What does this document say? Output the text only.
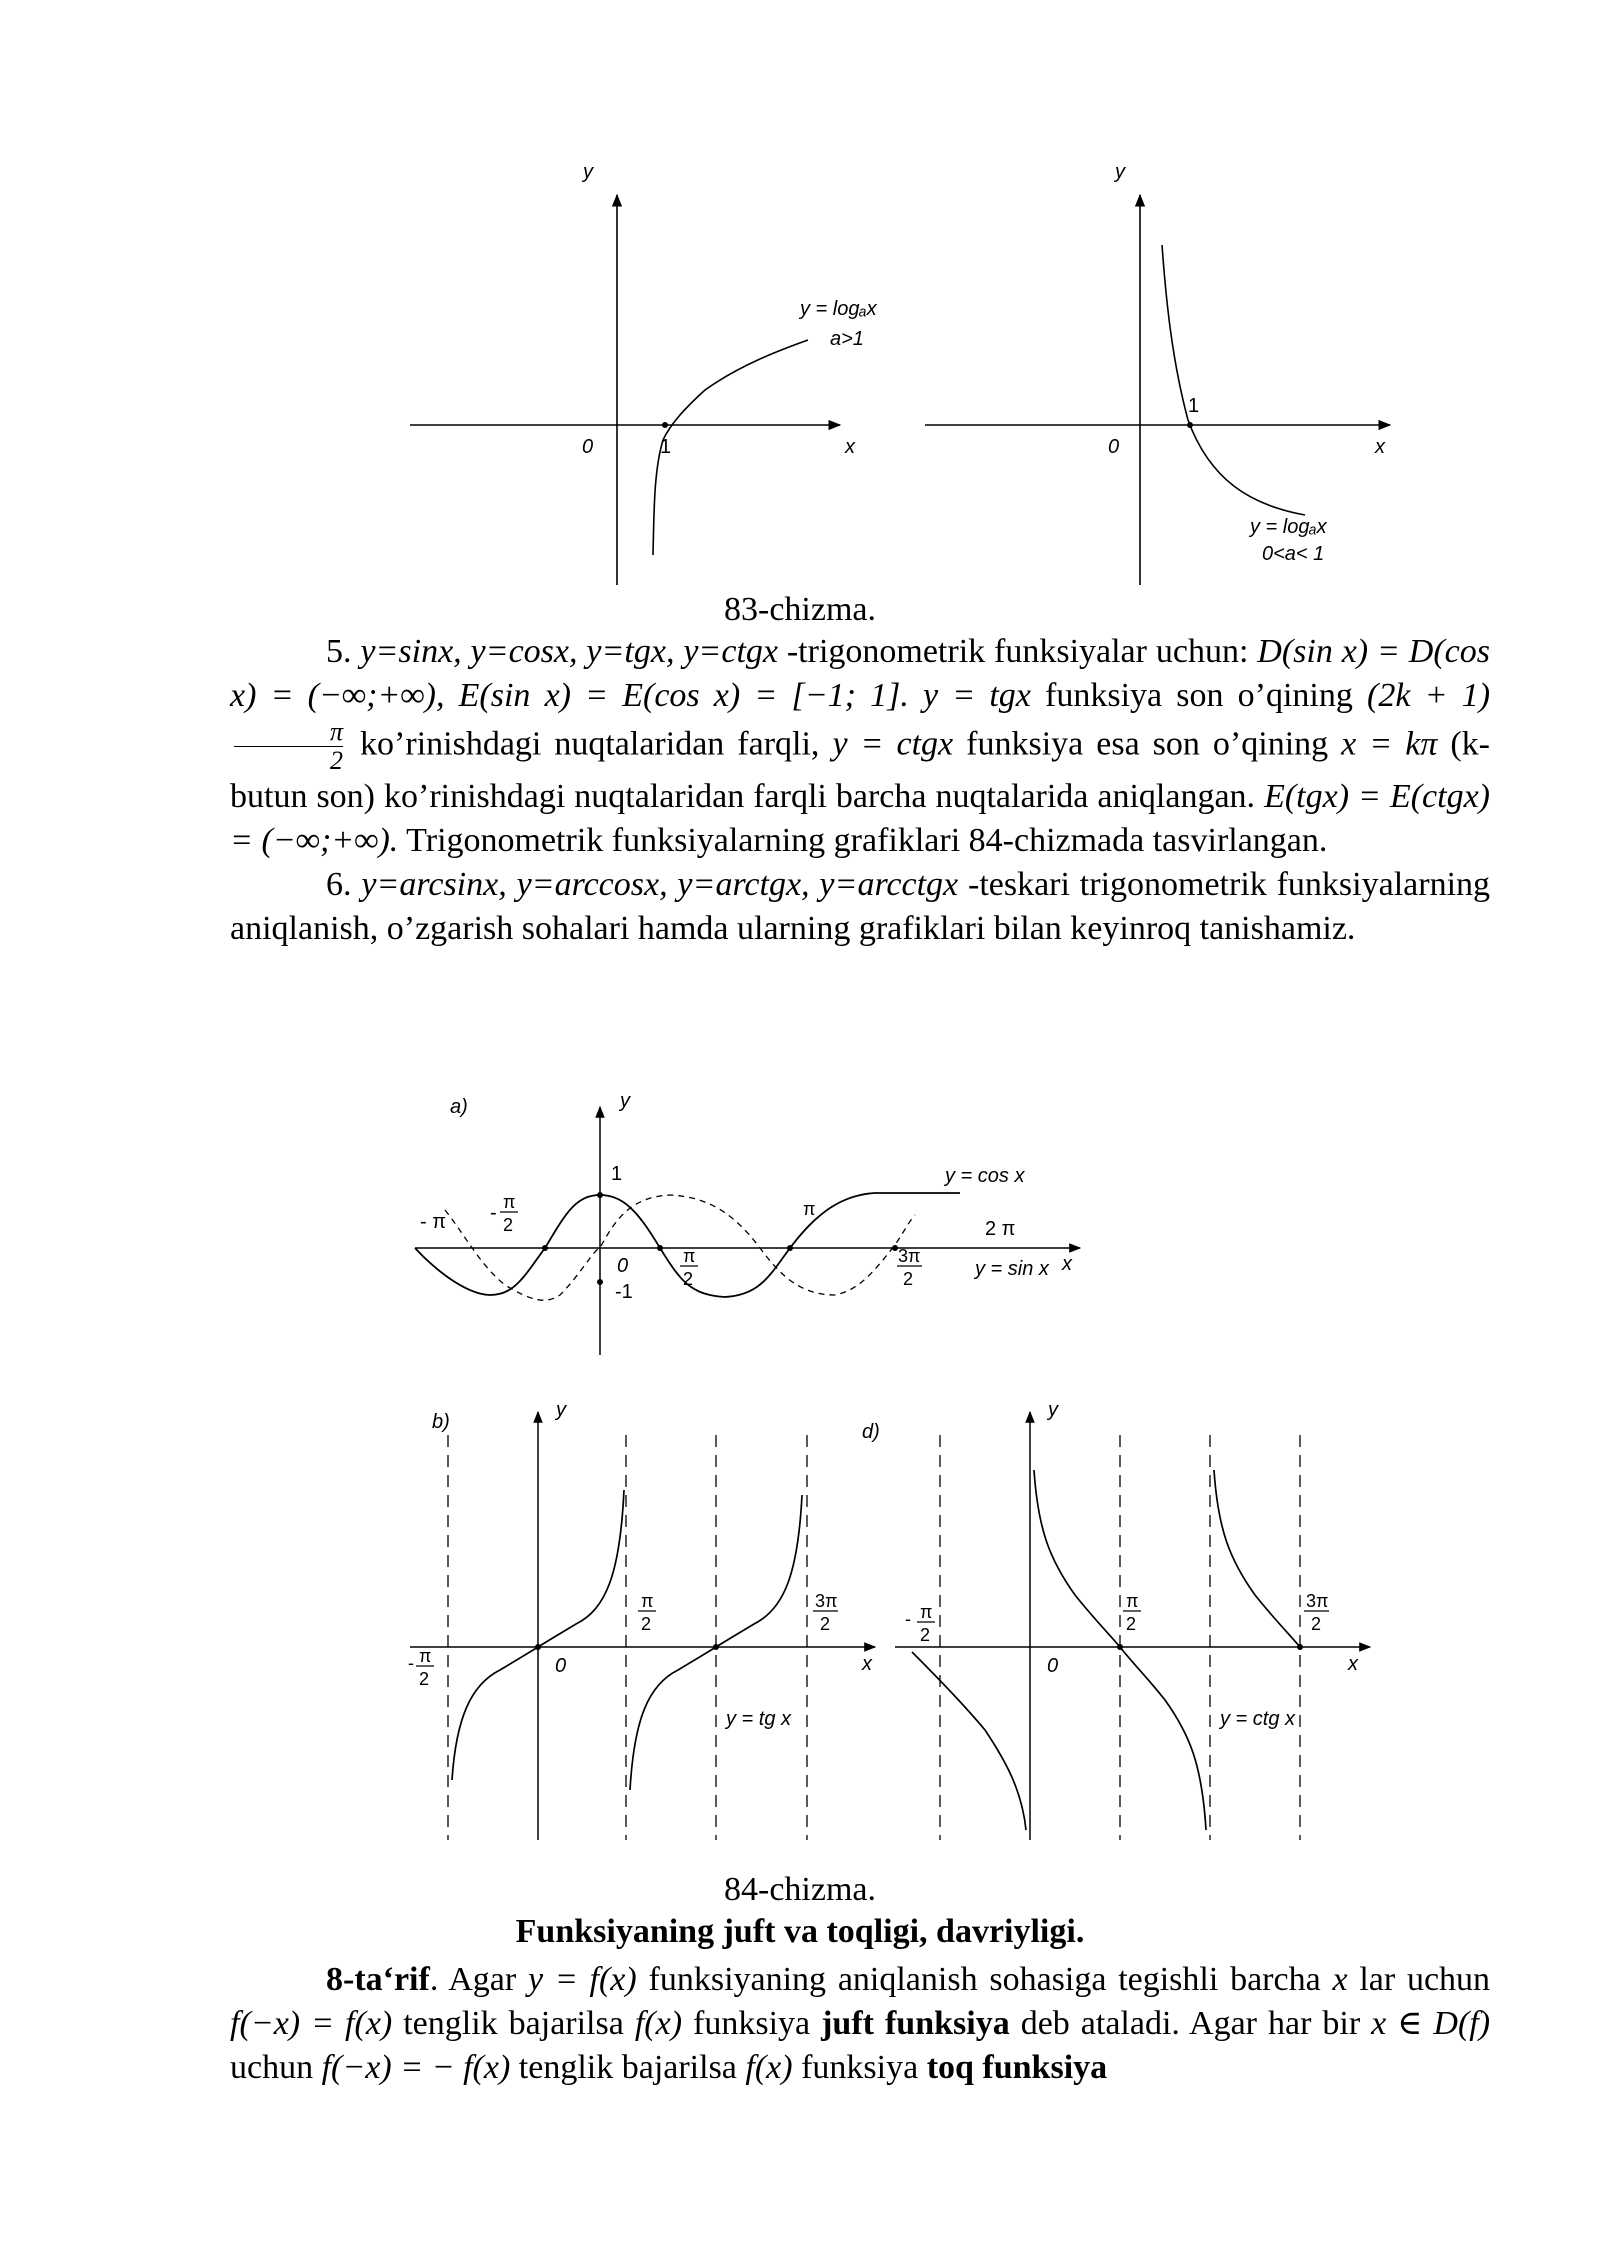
y
x
0	1
y = logₐx
a>1
y
x
0
1
y = logₐx
0<a< 1
83-chizma.

5. y=sinx, y=cosx, y=tgx, y=ctgx -trigonometrik funksiyalar uchun: D(sin x) = D(cos x) = (−∞;+∞), E(sin x) = E(cos x) = [−1; 1]. y = tgx funksiya son o’qining (2k + 1)
$\frac{\pi}{2}$ ko’rinishdagi nuqtalaridan farqli, y = ctgx funksiya esa son o’qining x = kπ (k-butun son) ko’rinishdagi nuqtalaridan farqli barcha nuqtalarida aniqlangan. E(tgx) = E(ctgx) = (−∞;+∞). Trigonometrik funksiyalarning grafiklari 84-chizmada tasvirlangan.

6. y=arcsinx, y=arccosx, y=arctgx, y=arcctgx -teskari trigonometrik funksiyalarning aniqlanish, o’zgarish sohalari hamda ularning grafiklari bilan keyinroq tanishamiz.

a)	y
x
0
1
-1
- π - π
2
π
π
2
2 π
3π
2
y = cos x
y = sin x
b)
y
x
0
- π
2
π
2
3π
2
y = tg x
d)
y
x
0
- π
2
π
2
3π
2
y = ctg x
84-chizma.
Funksiyaning juft va toqligi, davriyligi.

8-ta‘rif. Agar y = f(x) funksiyaning aniqlanish sohasiga tegishli barcha x lar uchun f(−x) = f(x) tenglik bajarilsa f(x) funksiya juft funksiya deb ataladi. Agar har bir x ∈ D(f) uchun f(−x) = − f(x) tenglik bajarilsa f(x) funksiya toq funksiya
